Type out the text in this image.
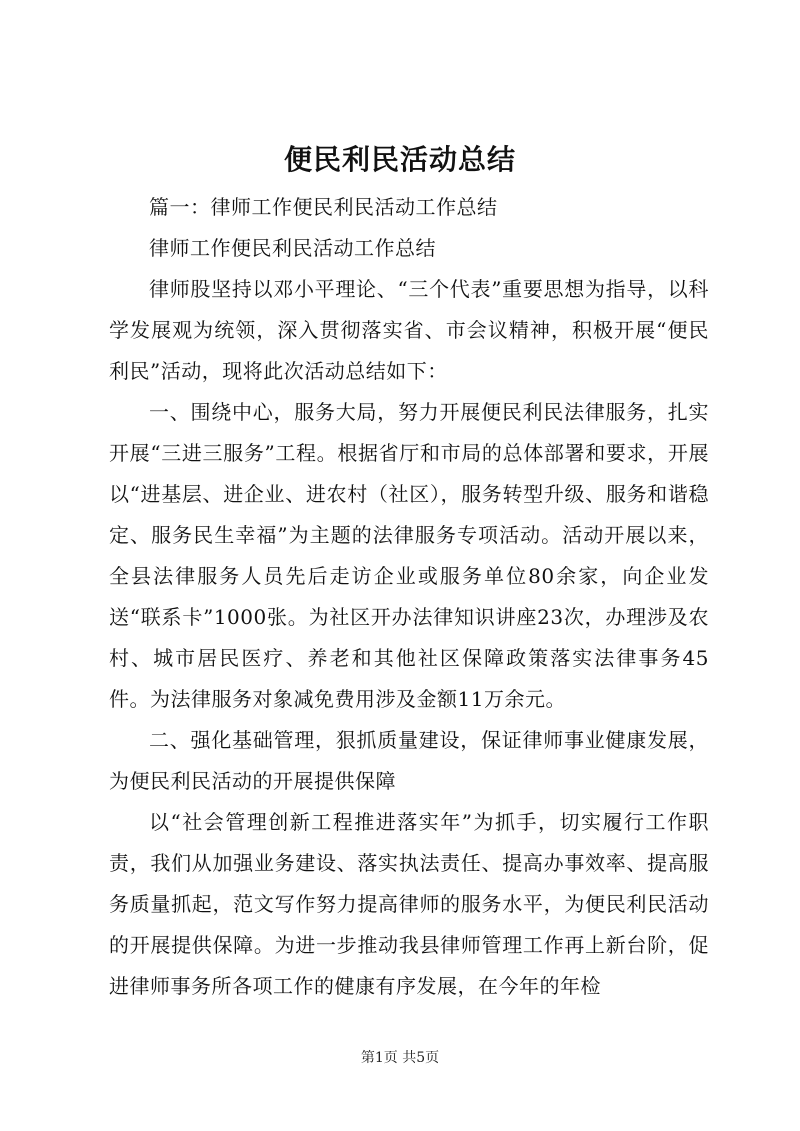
便民利民活动总结

篇一：律师工作便民利民活动工作总结

律师工作便民利民活动工作总结

律师股坚持以邓小平理论、“三个代表”重要思想为指导，以科学发展观为统领，深入贯彻落实省、市会议精神，积极开展“便民利民”活动，现将此次活动总结如下：

一、围绕中心，服务大局，努力开展便民利民法律服务，扎实开展“三进三服务”工程。根据省厅和市局的总体部署和要求，开展以“进基层、进企业、进农村（社区），服务转型升级、服务和谐稳定、服务民生幸福”为主题的法律服务专项活动。活动开展以来，全县法律服务人员先后走访企业或服务单位80余家，向企业发送“联系卡”1000张。为社区开办法律知识讲座23次，办理涉及农村、城市居民医疗、养老和其他社区保障政策落实法律事务45件。为法律服务对象减免费用涉及金额11万余元。

二、强化基础管理，狠抓质量建设，保证律师事业健康发展，为便民利民活动的开展提供保障

以“社会管理创新工程推进落实年”为抓手，切实履行工作职责，我们从加强业务建设、落实执法责任、提高办事效率、提高服务质量抓起，范文写作努力提高律师的服务水平，为便民利民活动的开展提供保障。为进一步推动我县律师管理工作再上新台阶，促进律师事务所各项工作的健康有序发展，在今年的年检

第1页 共5页
